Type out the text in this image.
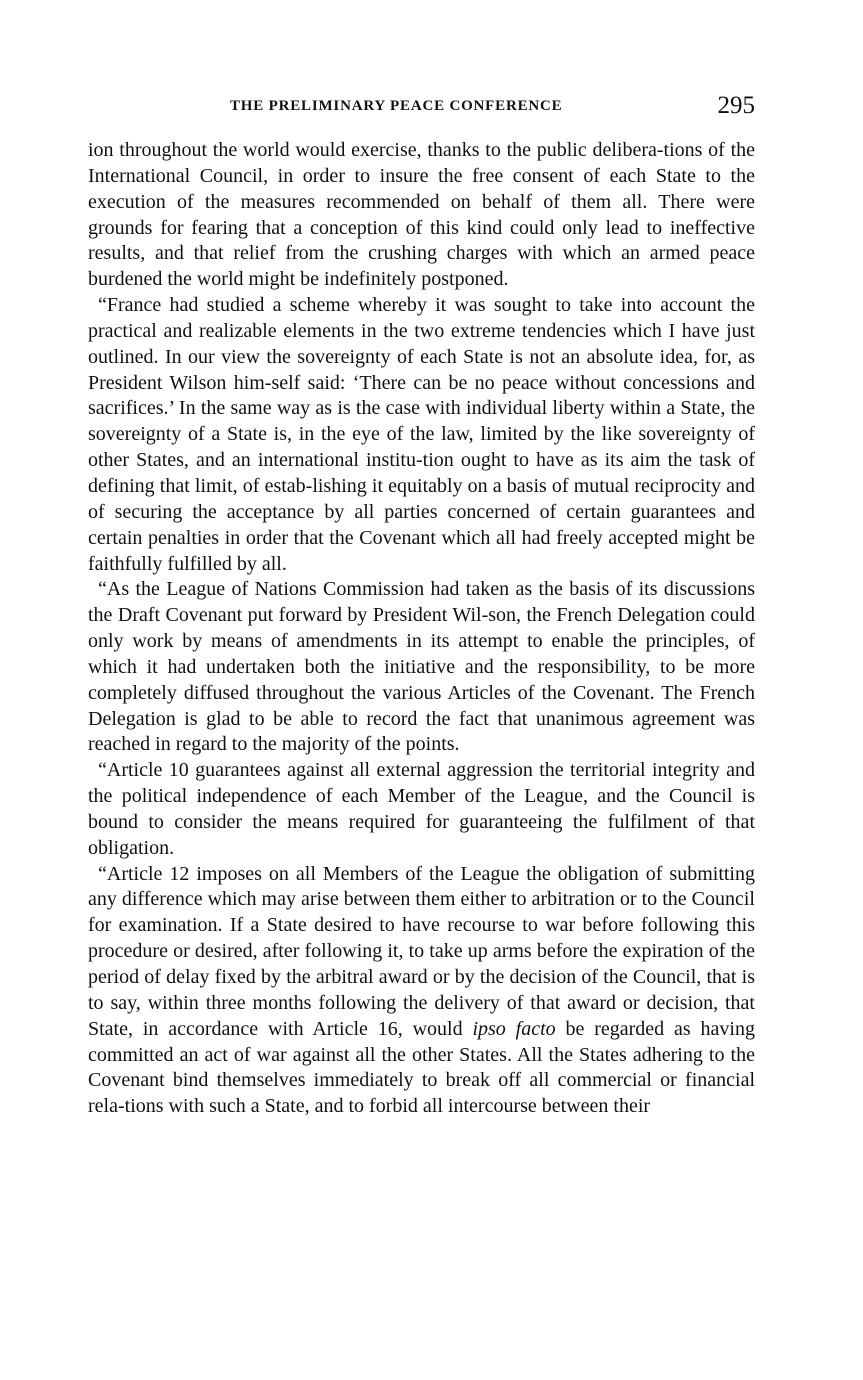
THE PRELIMINARY PEACE CONFERENCE	295

ion throughout the world would exercise, thanks to the public delibera-tions of the International Council, in order to insure the free consent of each State to the execution of the measures recommended on behalf of them all. There were grounds for fearing that a conception of this kind could only lead to ineffective results, and that relief from the crushing charges with which an armed peace burdened the world might be indefinitely postponed.

“France had studied a scheme whereby it was sought to take into account the practical and realizable elements in the two extreme tendencies which I have just outlined. In our view the sovereignty of each State is not an absolute idea, for, as President Wilson him-self said: ‘There can be no peace without concessions and sacrifices.’ In the same way as is the case with individual liberty within a State, the sovereignty of a State is, in the eye of the law, limited by the like sovereignty of other States, and an international institu-tion ought to have as its aim the task of defining that limit, of estab-lishing it equitably on a basis of mutual reciprocity and of securing the acceptance by all parties concerned of certain guarantees and certain penalties in order that the Covenant which all had freely accepted might be faithfully fulfilled by all.

“As the League of Nations Commission had taken as the basis of its discussions the Draft Covenant put forward by President Wil-son, the French Delegation could only work by means of amendments in its attempt to enable the principles, of which it had undertaken both the initiative and the responsibility, to be more completely diffused throughout the various Articles of the Covenant. The French Delegation is glad to be able to record the fact that unanimous agreement was reached in regard to the majority of the points.

“Article 10 guarantees against all external aggression the territorial integrity and the political independence of each Member of the League, and the Council is bound to consider the means required for guaranteeing the fulfilment of that obligation.

“Article 12 imposes on all Members of the League the obligation of submitting any difference which may arise between them either to arbitration or to the Council for examination. If a State desired to have recourse to war before following this procedure or desired, after following it, to take up arms before the expiration of the period of delay fixed by the arbitral award or by the decision of the Council, that is to say, within three months following the delivery of that award or decision, that State, in accordance with Article 16, would ipso facto be regarded as having committed an act of war against all the other States. All the States adhering to the Covenant bind themselves immediately to break off all commercial or financial rela-tions with such a State, and to forbid all intercourse between their
